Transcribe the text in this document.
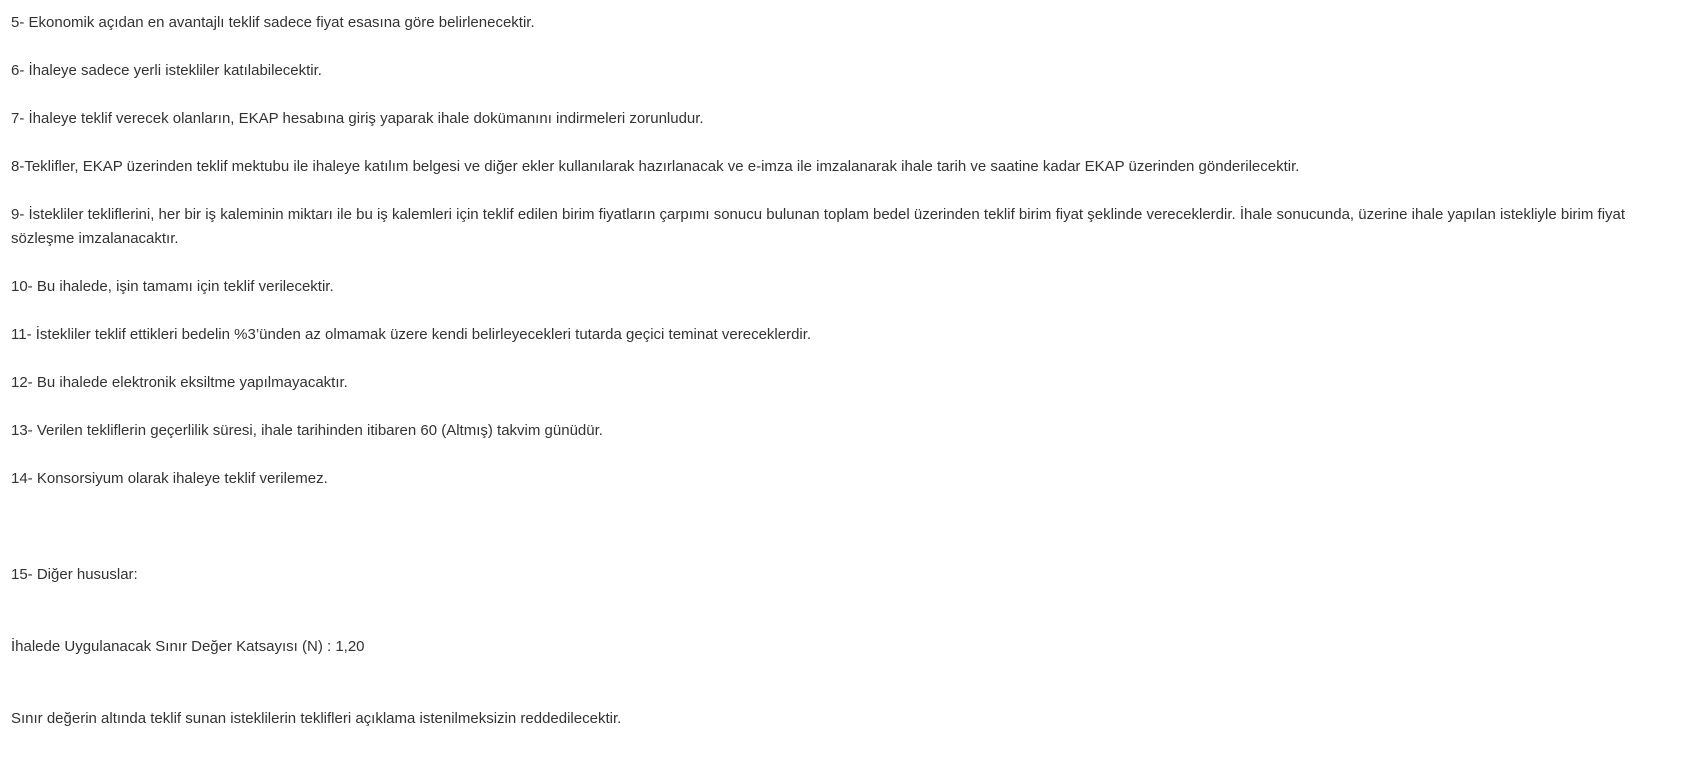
5- Ekonomik açıdan en avantajlı teklif sadece fiyat esasına göre belirlenecektir.

6- İhaleye sadece yerli istekliler katılabilecektir.

7- İhaleye teklif verecek olanların, EKAP hesabına giriş yaparak ihale dokümanını indirmeleri zorunludur.

8-Teklifler, EKAP üzerinden teklif mektubu ile ihaleye katılım belgesi ve diğer ekler kullanılarak hazırlanacak ve e-imza ile imzalanarak ihale tarih ve saatine kadar EKAP üzerinden gönderilecektir.

9- İstekliler tekliflerini, her bir iş kaleminin miktarı ile bu iş kalemleri için teklif edilen birim fiyatların çarpımı sonucu bulunan toplam bedel üzerinden teklif birim fiyat şeklinde vereceklerdir. İhale sonucunda, üzerine ihale yapılan istekliyle birim fiyat sözleşme imzalanacaktır.

10- Bu ihalede, işin tamamı için teklif verilecektir.

11- İstekliler teklif ettikleri bedelin %3’ünden az olmamak üzere kendi belirleyecekleri tutarda geçici teminat vereceklerdir.

12- Bu ihalede elektronik eksiltme yapılmayacaktır.

13- Verilen tekliflerin geçerlilik süresi, ihale tarihinden itibaren 60 (Altmış) takvim günüdür.

14- Konsorsiyum olarak ihaleye teklif verilemez.

15- Diğer hususlar:

İhalede Uygulanacak Sınır Değer Katsayısı (N) : 1,20

Sınır değerin altında teklif sunan isteklilerin teklifleri açıklama istenilmeksizin reddedilecektir.
